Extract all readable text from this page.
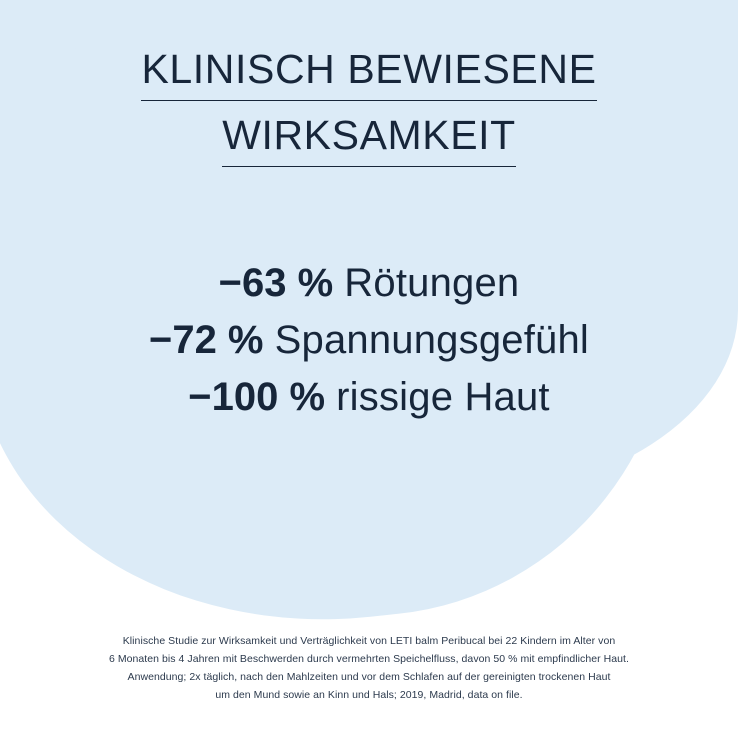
KLINISCH BEWIESENE
WIRKSAMKEIT
−63 % Rötungen
−72 % Spannungsgefühl
−100 % rissige Haut
Klinische Studie zur Wirksamkeit und Verträglichkeit von LETI balm Peribucal bei 22 Kindern im Alter von
6 Monaten bis 4 Jahren mit Beschwerden durch vermehrten Speichelfluss, davon 50 % mit empfindlicher Haut.
Anwendung; 2x täglich, nach den Mahlzeiten und vor dem Schlafen auf der gereinigten trockenen Haut
um den Mund sowie an Kinn und Hals; 2019, Madrid, data on file.
